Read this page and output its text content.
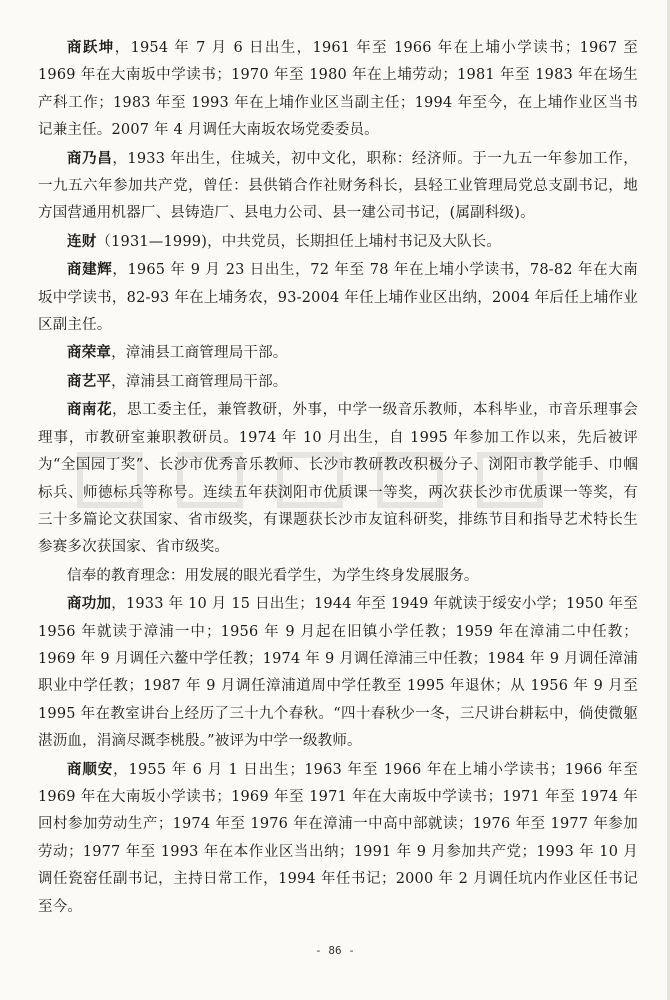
商跃坤，1954 年 7 月 6 日出生，1961 年至 1966 年在上埔小学读书；1967 至 1969 年在大南坂中学读书；1970 年至 1980 年在上埔劳动；1981 年至 1983 年在场生产科工作；1983 年至 1993 年在上埔作业区当副主任；1994 年至今，在上埔作业区当书记兼主任。2007 年 4 月调任大南坂农场党委委员。

商乃昌，1933 年出生，住城关，初中文化，职称：经济师。于一九五一年参加工作，一九五六年参加共产党，曾任：县供销合作社财务科长，县轻工业管理局党总支副书记，地方国营通用机器厂、县铸造厂、县电力公司、县一建公司书记，(属副科级)。

连财（1931—1999)，中共党员，长期担任上埔村书记及大队长。

商建辉，1965 年 9 月 23 日出生，72 年至 78 年在上埔小学读书，78-82 年在大南坂中学读书，82-93 年在上埔务农，93-2004 年任上埔作业区出纳，2004 年后任上埔作业区副主任。

商荣章，漳浦县工商管理局干部。

商艺平，漳浦县工商管理局干部。

商南花，思工委主任，兼管教研，外事，中学一级音乐教师，本科毕业，市音乐理事会理事，市教研室兼职教研员。1974 年 10 月出生，自 1995 年参加工作以来，先后被评为“全国园丁奖”、长沙市优秀音乐教师、长沙市教研教改积极分子、浏阳市教学能手、巾帼标兵、师德标兵等称号。连续五年获浏阳市优质课一等奖，两次获长沙市优质课一等奖，有三十多篇论文获国家、省市级奖，有课题获长沙市友谊科研奖，排练节目和指导艺术特长生参赛多次获国家、省市级奖。

信奉的教育理念：用发展的眼光看学生，为学生终身发展服务。

商功加，1933 年 10 月 15 日出生；1944 年至 1949 年就读于绥安小学；1950 年至 1956 年就读于漳浦一中；1956 年 9 月起在旧镇小学任教；1959 年在漳浦二中任教；1969 年 9 月调任六鳌中学任教；1974 年 9 月调任漳浦三中任教；1984 年 9 月调任漳浦职业中学任教；1987 年 9 月调任漳浦道周中学任教至 1995 年退休；从 1956 年 9 月至 1995 年在教室讲台上经历了三十九个春秋。“四十春秋少一冬，三尺讲台耕耘中，倘使微躯湛沥血，涓滴尽溉李桃殷。”被评为中学一级教师。

商顺安，1955 年 6 月 1 日出生；1963 年至 1966 年在上埔小学读书；1966 年至 1969 年在大南坂小学读书；1969 年至 1971 年在大南坂中学读书；1971 年至 1974 年回村参加劳动生产；1974 年至 1976 年在漳浦一中高中部就读；1976 年至 1977 年参加劳动；1977 年至 1993 年在本作业区当出纳；1991 年 9 月参加共产党；1993 年 10 月调任瓷窑任副书记，主持日常工作，1994 年任书记；2000 年 2 月调任坑内作业区任书记至今。

- 86 -
